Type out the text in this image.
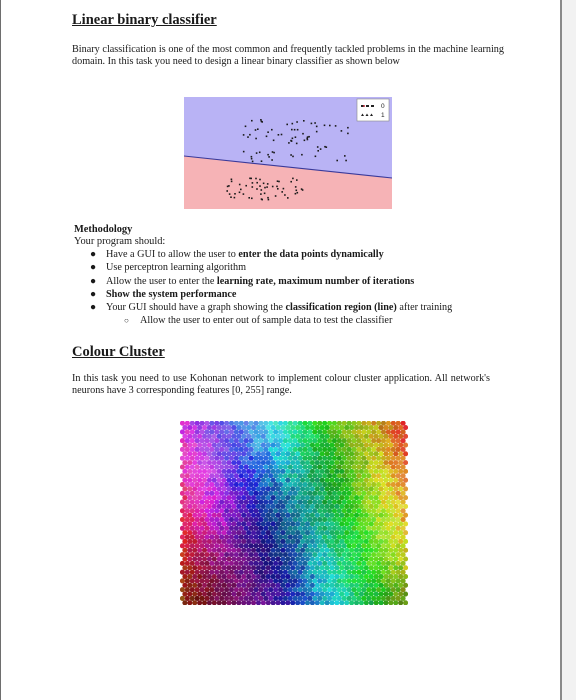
Linear binary classifier
Binary classification is one of the most common and frequently tackled problems in the machine learning domain. In this task you need to design a linear binary classifier as shown below
0
1
Methodology
Your program should:
● Have a GUI to allow the user to enter the data points dynamically
● Use perceptron learning algorithm
● Allow the user to enter the learning rate, maximum number of iterations
● Show the system performance
● Your GUI should have a graph showing the classification region (line) after training
○ Allow the user to enter out of sample data to test the classifier
Colour Cluster
In this task you need to use Kohonan network to implement colour cluster application. All network's neurons have 3 corresponding features [0, 255] range.
